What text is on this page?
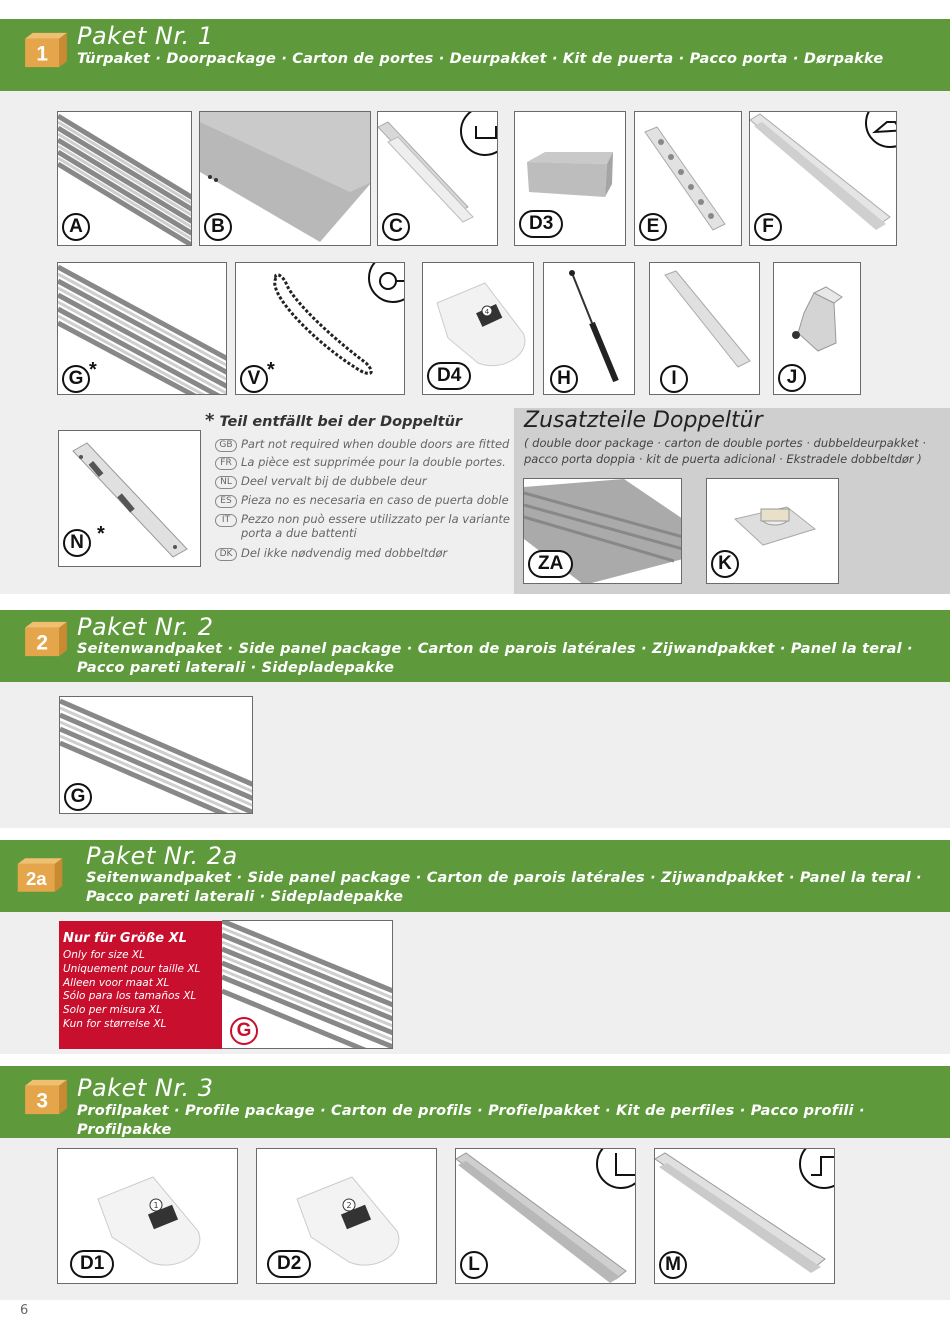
1
Paket Nr. 1
Türpaket · Doorpackage · Carton de portes · Deurpakket · Kit de puerta · Pacco porta · Dørpakke
A	B	C	D3	E	F
G *	V *
4
D4	H	I	J
N *
* Teil entfällt bei der Doppeltür
GB Part not required when double doors are fitted
FR La pièce est supprimée pour la double portes.
NL Deel vervalt bij de dubbele deur
ES Pieza no es necesaria en caso de puerta doble
IT Pezzo non può essere utilizzato per la variante porta a due battenti
DK Del ikke nødvendig med dobbeltdør
Zusatzteile Doppeltür
( double door package · carton de double portes · dubbeldeurpakket · pacco porta doppia · kit de puerta adicional · Ekstradele dobbeltdør )
ZA	K
2
Paket Nr. 2
Seitenwandpaket · Side panel package · Carton de parois latérales · Zijwandpakket · Panel la teral ·
Pacco pareti laterali · Sidepladepakke
G
2a
Paket Nr. 2a
Seitenwandpaket · Side panel package · Carton de parois latérales · Zijwandpakket · Panel la teral ·
Pacco pareti laterali · Sidepladepakke
Nur für Größe XL
Only for size XL
Uniquement pour taille XL
Alleen voor maat XL
Sólo para los tamaños XL
Solo per misura XL
Kun for størrelse XL	G
3 Paket Nr. 3
Profilpaket · Profile package · Carton de profils · Profielpakket · Kit de perfiles · Pacco profili · Profilpakke
1
D1
2
D2	L	M
6
